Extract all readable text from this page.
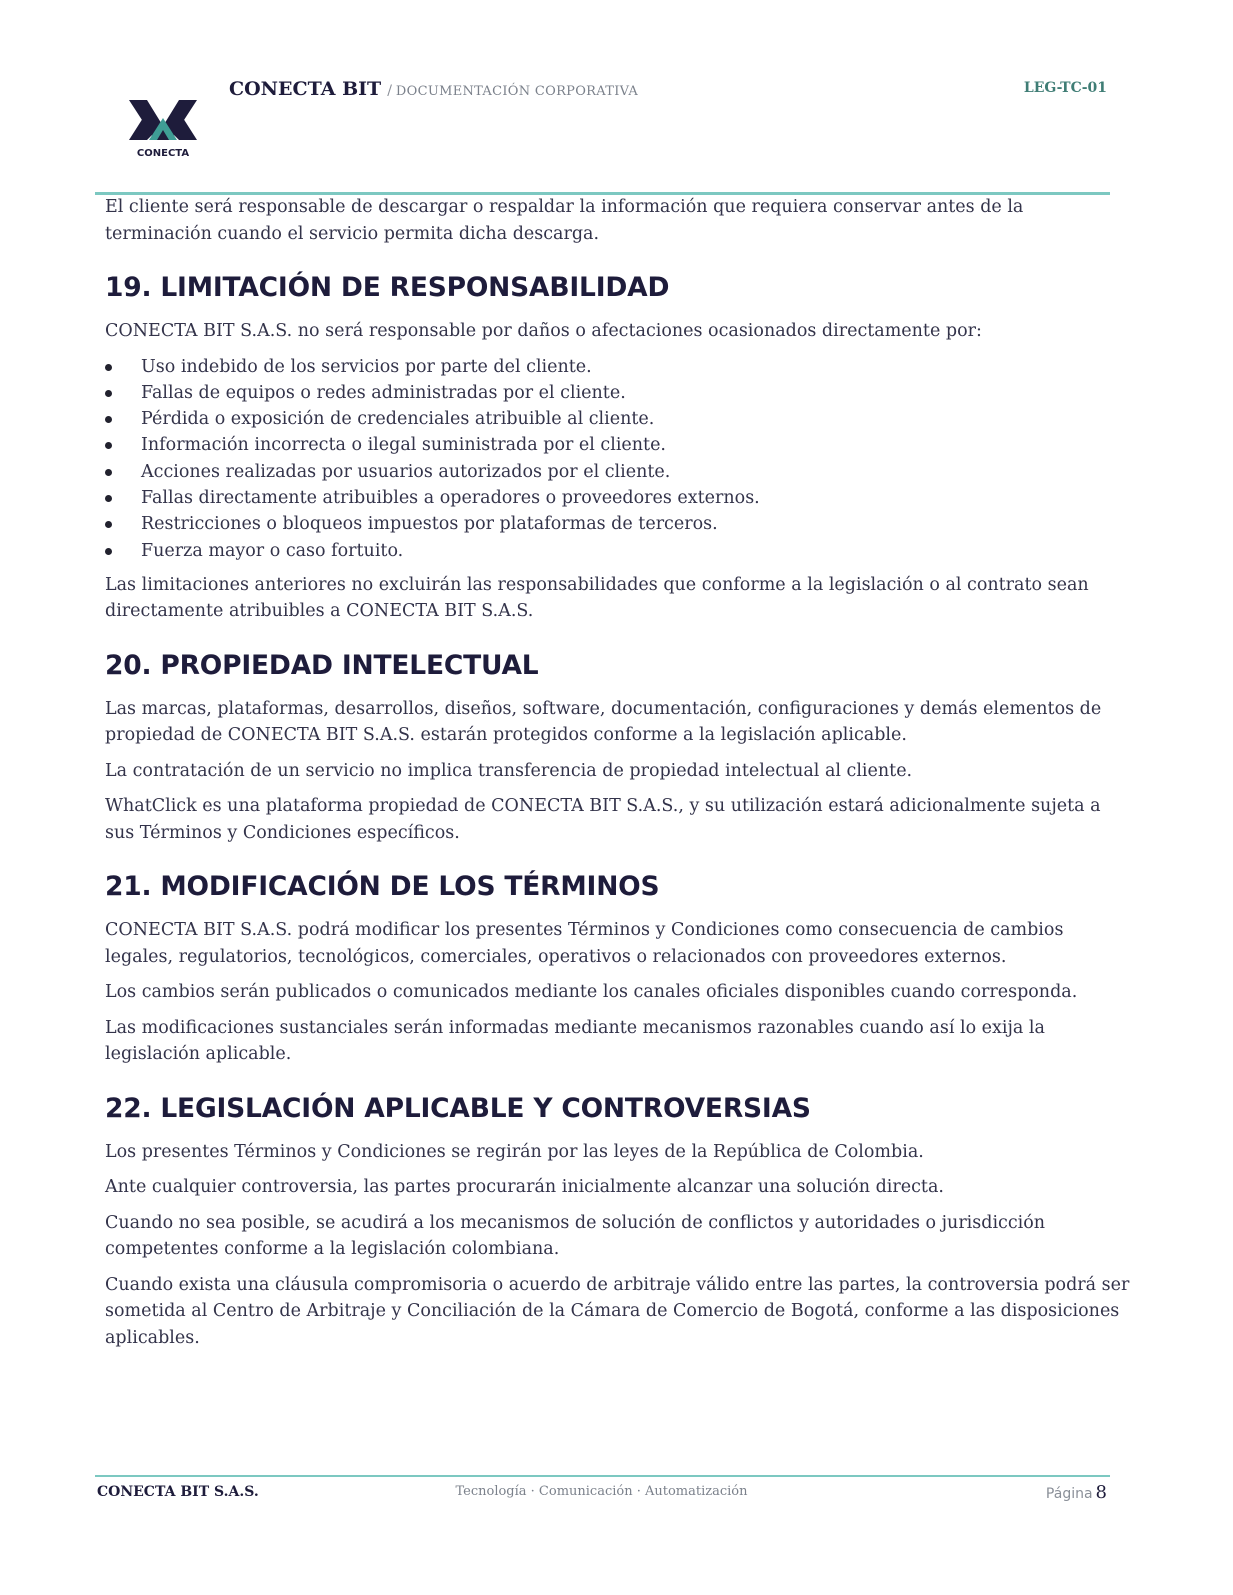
CONECTA
CONECTA BIT / DOCUMENTACIÓN CORPORATIVA	LEG-TC-01

El cliente será responsable de descargar o respaldar la información que requiera conservar antes de la terminación cuando el servicio permita dicha descarga.

19. LIMITACIÓN DE RESPONSABILIDAD

CONECTA BIT S.A.S. no será responsable por daños o afectaciones ocasionados directamente por:

Uso indebido de los servicios por parte del cliente.
Fallas de equipos o redes administradas por el cliente.
Pérdida o exposición de credenciales atribuible al cliente.
Información incorrecta o ilegal suministrada por el cliente.
Acciones realizadas por usuarios autorizados por el cliente.
Fallas directamente atribuibles a operadores o proveedores externos.
Restricciones o bloqueos impuestos por plataformas de terceros.
Fuerza mayor o caso fortuito.

Las limitaciones anteriores no excluirán las responsabilidades que conforme a la legislación o al contrato sean directamente atribuibles a CONECTA BIT S.A.S.

20. PROPIEDAD INTELECTUAL

Las marcas, plataformas, desarrollos, diseños, software, documentación, configuraciones y demás elementos de propiedad de CONECTA BIT S.A.S. estarán protegidos conforme a la legislación aplicable.

La contratación de un servicio no implica transferencia de propiedad intelectual al cliente.

WhatClick es una plataforma propiedad de CONECTA BIT S.A.S., y su utilización estará adicionalmente sujeta a sus Términos y Condiciones específicos.

21. MODIFICACIÓN DE LOS TÉRMINOS

CONECTA BIT S.A.S. podrá modificar los presentes Términos y Condiciones como consecuencia de cambios legales, regulatorios, tecnológicos, comerciales, operativos o relacionados con proveedores externos.

Los cambios serán publicados o comunicados mediante los canales oficiales disponibles cuando corresponda.

Las modificaciones sustanciales serán informadas mediante mecanismos razonables cuando así lo exija la legislación aplicable.

22. LEGISLACIÓN APLICABLE Y CONTROVERSIAS

Los presentes Términos y Condiciones se regirán por las leyes de la República de Colombia.

Ante cualquier controversia, las partes procurarán inicialmente alcanzar una solución directa.

Cuando no sea posible, se acudirá a los mecanismos de solución de conflictos y autoridades o jurisdicción competentes conforme a la legislación colombiana.

Cuando exista una cláusula compromisoria o acuerdo de arbitraje válido entre las partes, la controversia podrá ser sometida al Centro de Arbitraje y Conciliación de la Cámara de Comercio de Bogotá, conforme a las disposiciones aplicables.

CONECTA BIT S.A.S.	Tecnología · Comunicación · Automatización	Página 8
